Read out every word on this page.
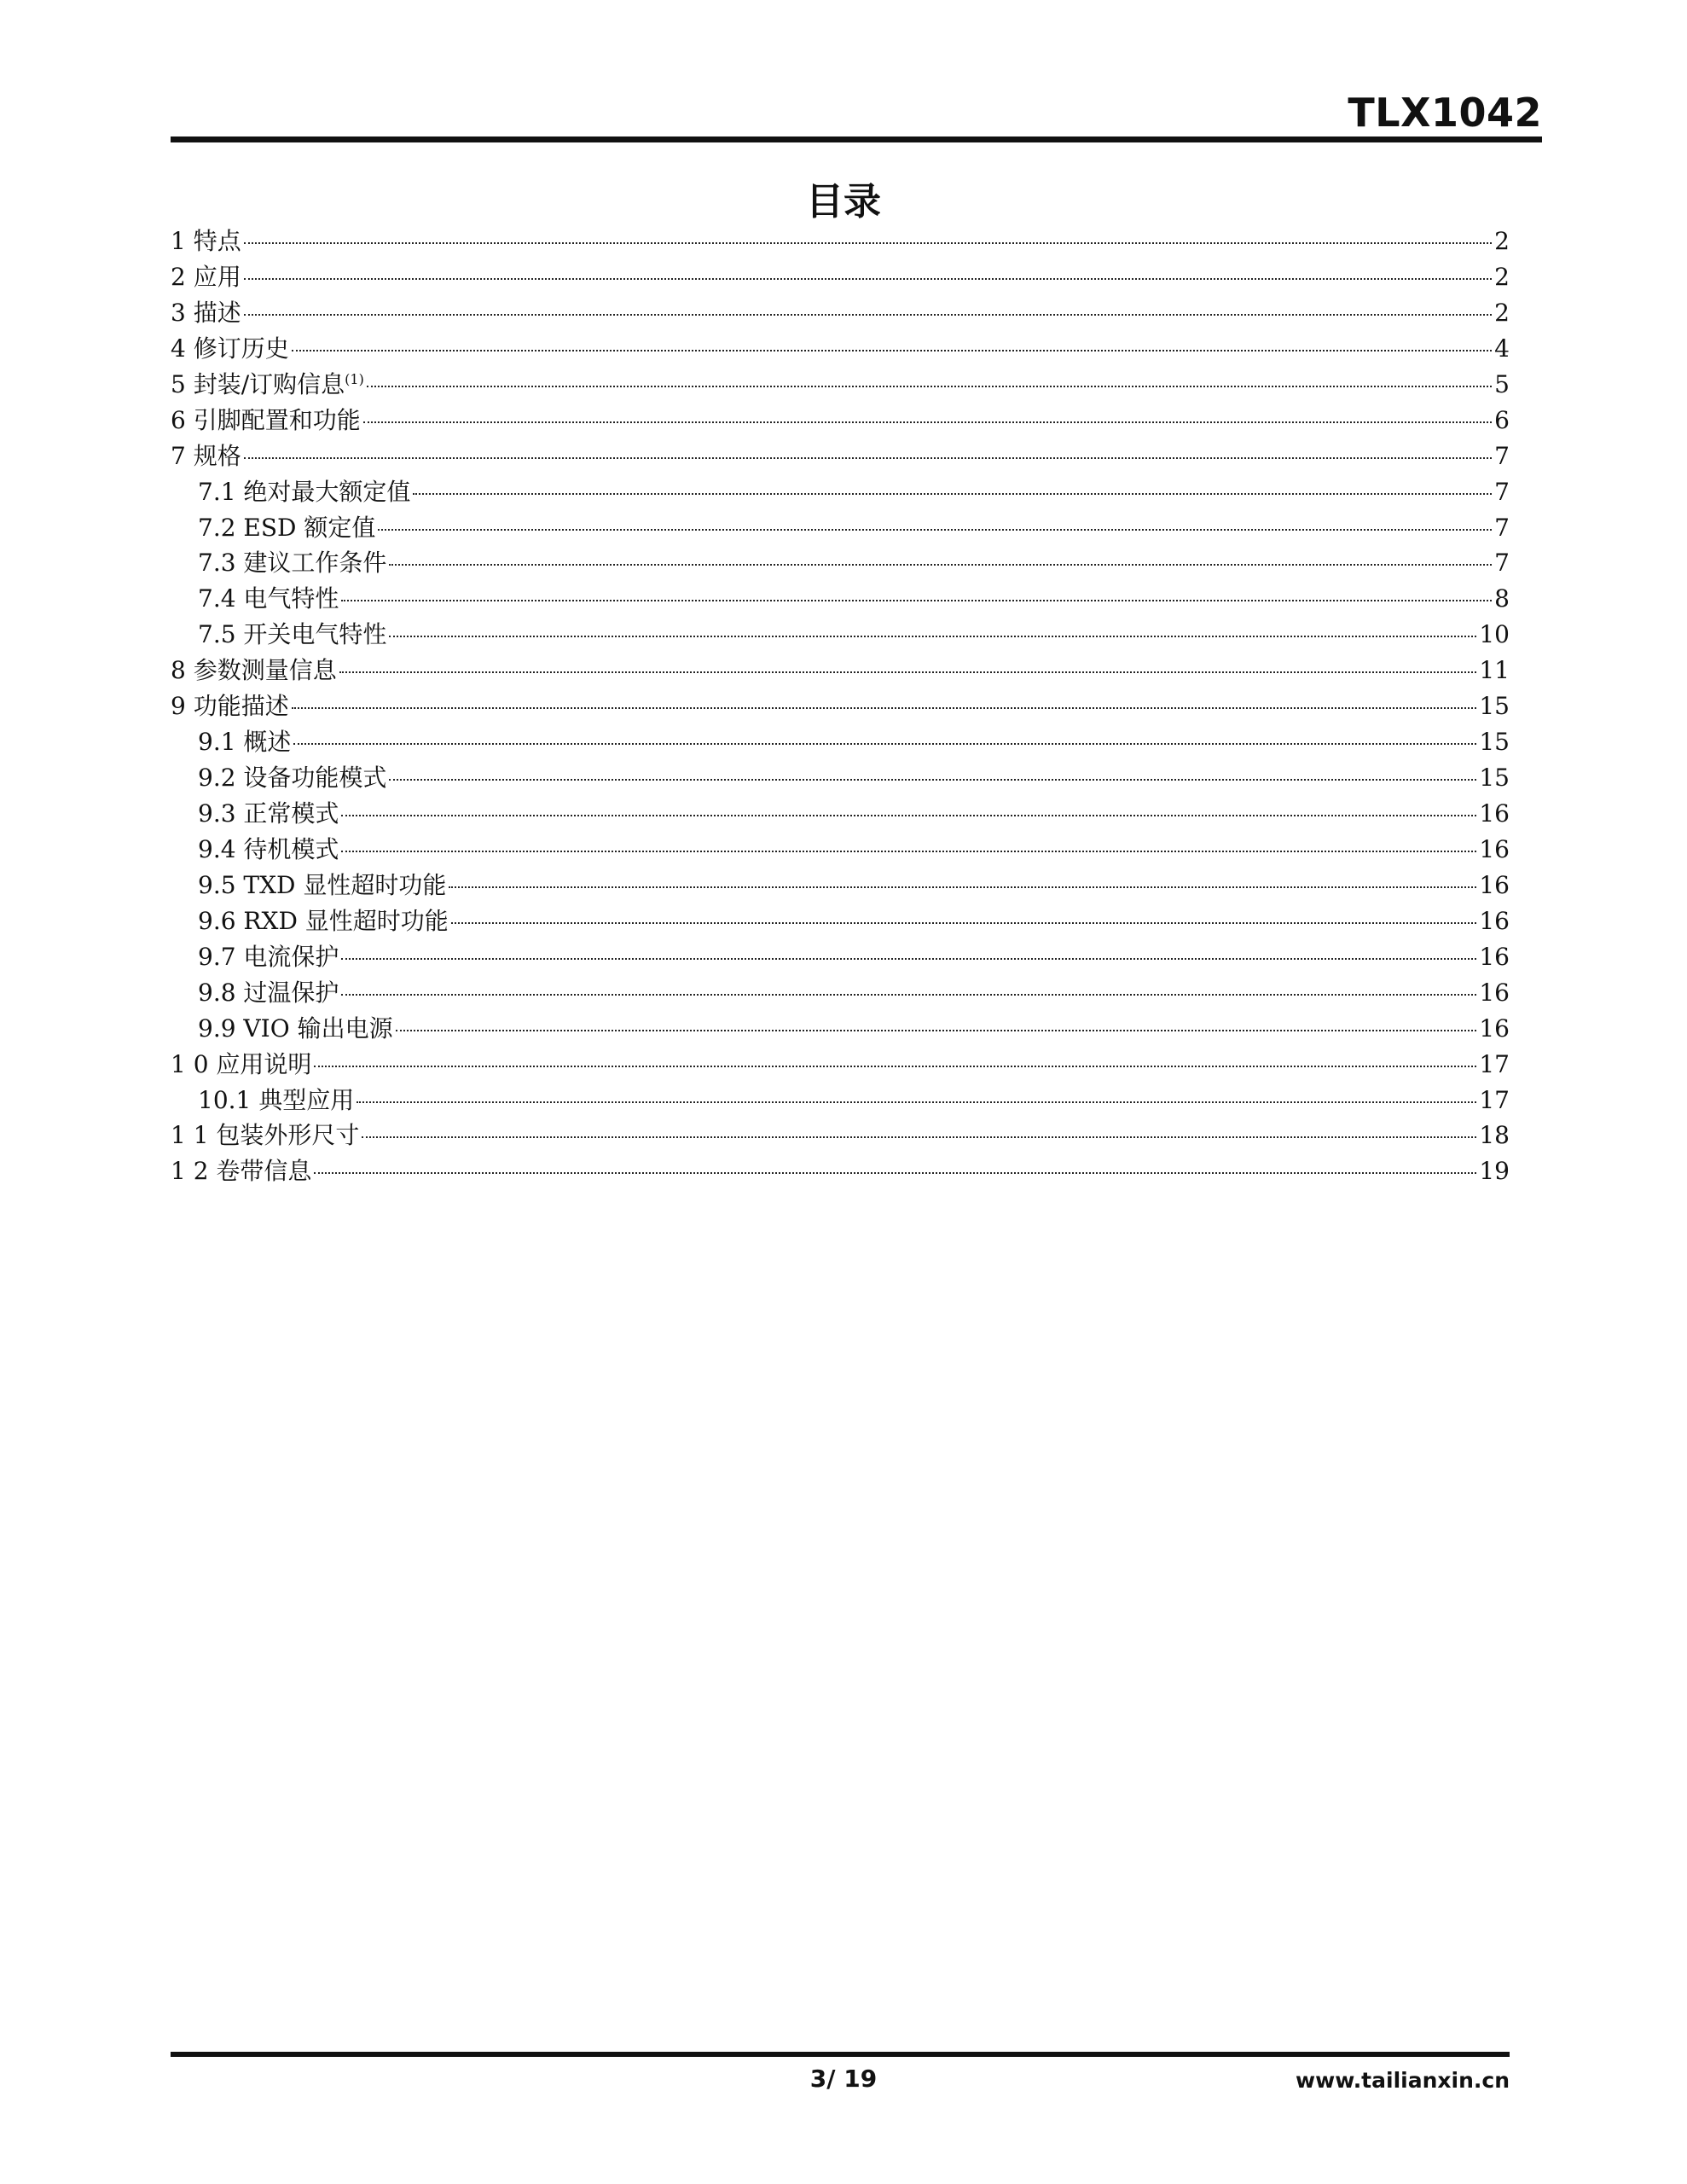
TLX1042
目录
1 特点	2
2 应用	2
3 描述	2
4 修订历史	4
5 封装/订购信息$^{(1)}$	5
6 引脚配置和功能	6
7 规格	7
7.1 绝对最大额定值	7
7.2 ESD 额定值	7
7.3 建议工作条件	7
7.4 电气特性	8
7.5 开关电气特性	10
8 参数测量信息	11
9 功能描述	15
9.1 概述	15
9.2 设备功能模式	15
9.3 正常模式	16
9.4 待机模式	16
9.5 TXD 显性超时功能	16
9.6 RXD 显性超时功能	16
9.7 电流保护	16
9.8 过温保护	16
9.9 VIO 输出电源	16
1 0 应用说明	17
10.1 典型应用	17
1 1 包装外形尺寸	18
1 2 卷带信息	19
3/ 19	www.tailianxin.cn
